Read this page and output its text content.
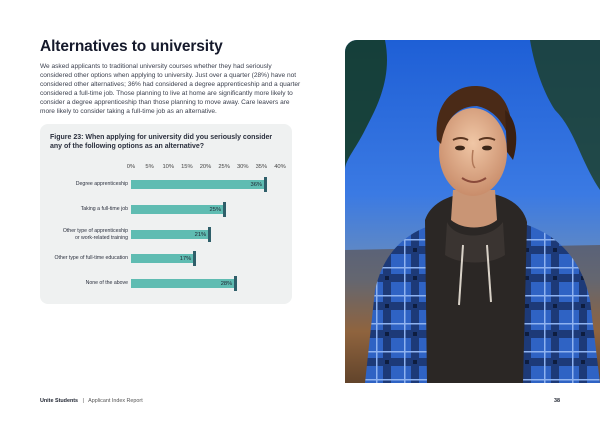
Alternatives to university

We asked applicants to traditional university courses whether they had seriously considered other options when applying to university. Just over a quarter (28%) have not considered other alternatives; 36% had considered a degree apprenticeship and a quarter considered a full-time job. Those planning to live at home are significantly more likely to consider a degree apprenticeship than those planning to move away. Care leavers are more likely to consider taking a full-time job as an alternative.

Figure 23: When applying for university did you seriously consider any of the following options as an alternative?
0% 5% 10% 15% 20% 25% 30% 35% 40%
Degree apprenticeship	36%
Taking a full-time job	25%
Other type of apprenticeship
or work-related training	21%
Other type of full-time education	17%
None of the above	28%
Unite Students | Applicant Index Report	38
